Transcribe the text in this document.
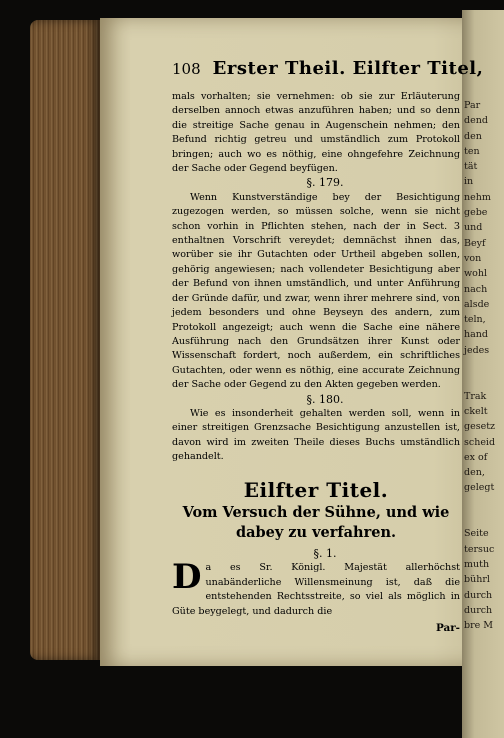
Par
dend
den
ten
tät
in
nehm
gebe
und
Beyf
von
wohl
nach
alsde
teln,
hand
jedes

Trak
ckelt
gesetz
scheid
ex of
den,
gelegt

Seite
tersuc
muth
bührl
durch
durch
bre M
108 Erster Theil. Eilfter Titel,

mals vorhalten; sie vernehmen: ob sie zur Erläuterung derselben annoch etwas anzuführen haben; und so denn die streitige Sache genau in Augenschein nehmen; den Befund richtig getreu und umständlich zum Protokoll bringen; auch wo es nöthig, eine ohngefehre Zeichnung der Sache oder Gegend beyfügen.

§. 179.

Wenn Kunstverständige bey der Besichtigung zugezogen werden, so müssen solche, wenn sie nicht schon vorhin in Pflichten stehen, nach der in Sect. 3 enthaltnen Vorschrift vereydet; demnächst ihnen das, worüber sie ihr Gutachten oder Urtheil abgeben sollen, gehörig angewiesen; nach vollendeter Besichtigung aber der Befund von ihnen umständlich, und unter Anführung der Gründe dafür, und zwar, wenn ihrer mehrere sind, von jedem besonders und ohne Beyseyn des andern, zum Protokoll angezeigt; auch wenn die Sache eine nähere Ausführung nach den Grundsätzen ihrer Kunst oder Wissenschaft fordert, noch außerdem, ein schriftliches Gutachten, oder wenn es nöthig, eine accurate Zeichnung der Sache oder Gegend zu den Akten gegeben werden.

§. 180.

Wie es insonderheit gehalten werden soll, wenn in einer streitigen Grenzsache Besichtigung anzustellen ist, davon wird im zweiten Theile dieses Buchs umständlich gehandelt.

Eilfter Titel.
Vom Versuch der Sühne, und wie dabey zu verfahren.

§. 1.

Da es Sr. Königl. Majestät allerhöchst unabänderliche Willensmeinung ist, daß die entstehenden Rechtsstreite, so viel als möglich in Güte beygelegt, und dadurch die

Par-
